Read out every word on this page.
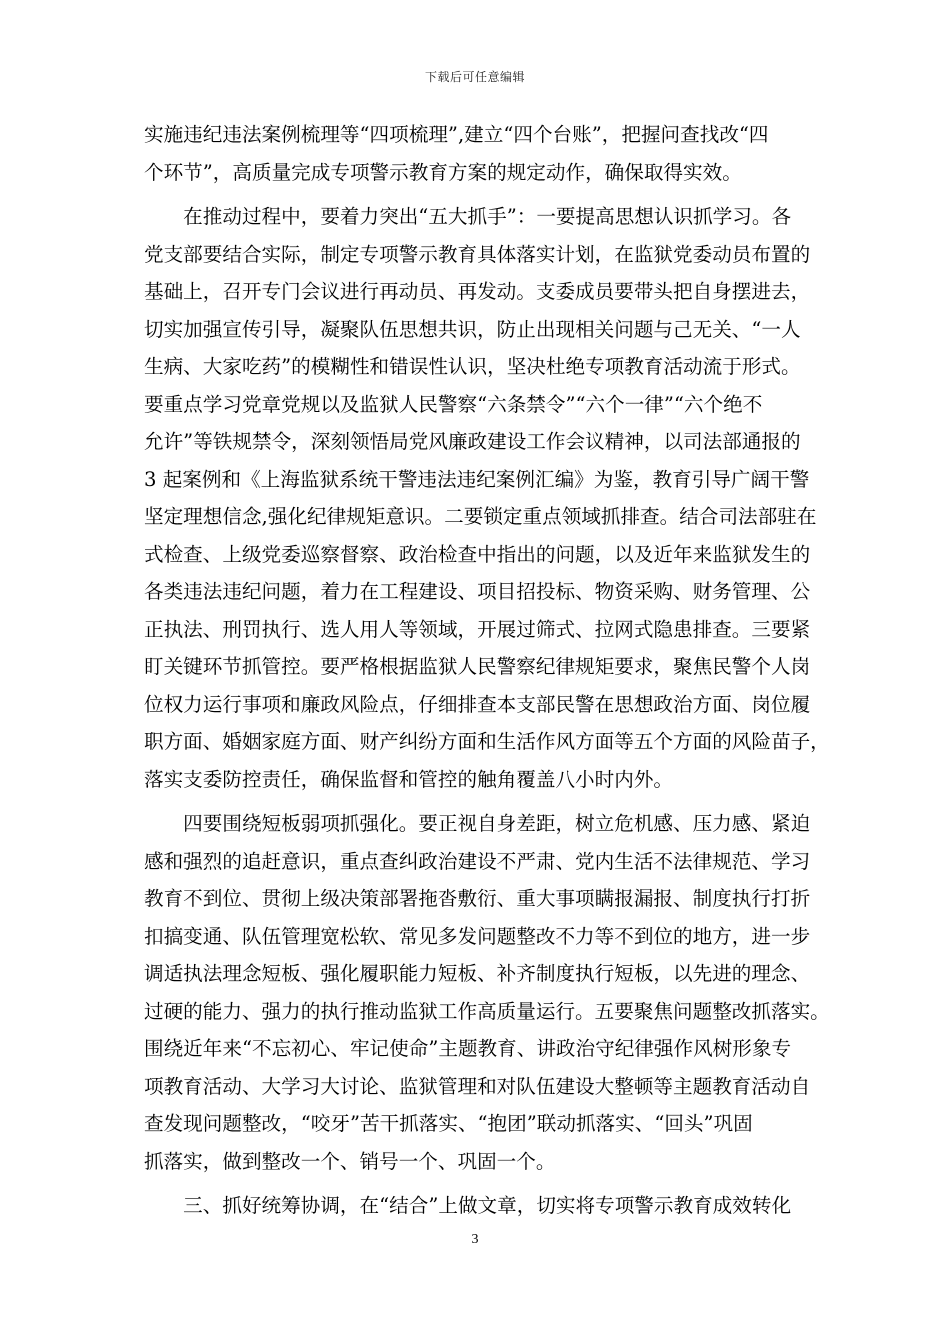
下载后可任意编辑
实施违纪违法案例梳理等“四项梳理”,建立“四个台账”，把握问查找改“四
个环节”，高质量完成专项警示教育方案的规定动作，确保取得实效。
　　在推动过程中，要着力突出“五大抓手”：一要提高思想认识抓学习。各
党支部要结合实际，制定专项警示教育具体落实计划，在监狱党委动员布置的
基础上，召开专门会议进行再动员、再发动。支委成员要带头把自身摆进去，
切实加强宣传引导，凝聚队伍思想共识，防止出现相关问题与己无关、“一人
生病、大家吃药”的模糊性和错误性认识，坚决杜绝专项教育活动流于形式。
要重点学习党章党规以及监狱人民警察“六条禁令”“六个一律”“六个绝不
允许”等铁规禁令，深刻领悟局党风廉政建设工作会议精神，以司法部通报的
3 起案例和《上海监狱系统干警违法违纪案例汇编》为鉴，教育引导广阔干警
坚定理想信念,强化纪律规矩意识。二要锁定重点领域抓排查。结合司法部驻在
式检查、上级党委巡察督察、政治检查中指出的问题，以及近年来监狱发生的
各类违法违纪问题，着力在工程建设、项目招投标、物资采购、财务管理、公
正执法、刑罚执行、选人用人等领域，开展过筛式、拉网式隐患排查。三要紧
盯关键环节抓管控。要严格根据监狱人民警察纪律规矩要求，聚焦民警个人岗
位权力运行事项和廉政风险点，仔细排查本支部民警在思想政治方面、岗位履
职方面、婚姻家庭方面、财产纠纷方面和生活作风方面等五个方面的风险苗子，
落实支委防控责任，确保监督和管控的触角覆盖八小时内外。
　　四要围绕短板弱项抓强化。要正视自身差距，树立危机感、压力感、紧迫
感和强烈的追赶意识，重点查纠政治建设不严肃、党内生活不法律规范、学习
教育不到位、贯彻上级决策部署拖沓敷衍、重大事项瞒报漏报、制度执行打折
扣搞变通、队伍管理宽松软、常见多发问题整改不力等不到位的地方，进一步
调适执法理念短板、强化履职能力短板、补齐制度执行短板，以先进的理念、
过硬的能力、强力的执行推动监狱工作高质量运行。五要聚焦问题整改抓落实。
围绕近年来“不忘初心、牢记使命”主题教育、讲政治守纪律强作风树形象专
项教育活动、大学习大讨论、监狱管理和对队伍建设大整顿等主题教育活动自
查发现问题整改，“咬牙”苦干抓落实、“抱团”联动抓落实、“回头”巩固
抓落实，做到整改一个、销号一个、巩固一个。
　　三、抓好统筹协调，在“结合”上做文章，切实将专项警示教育成效转化
3
